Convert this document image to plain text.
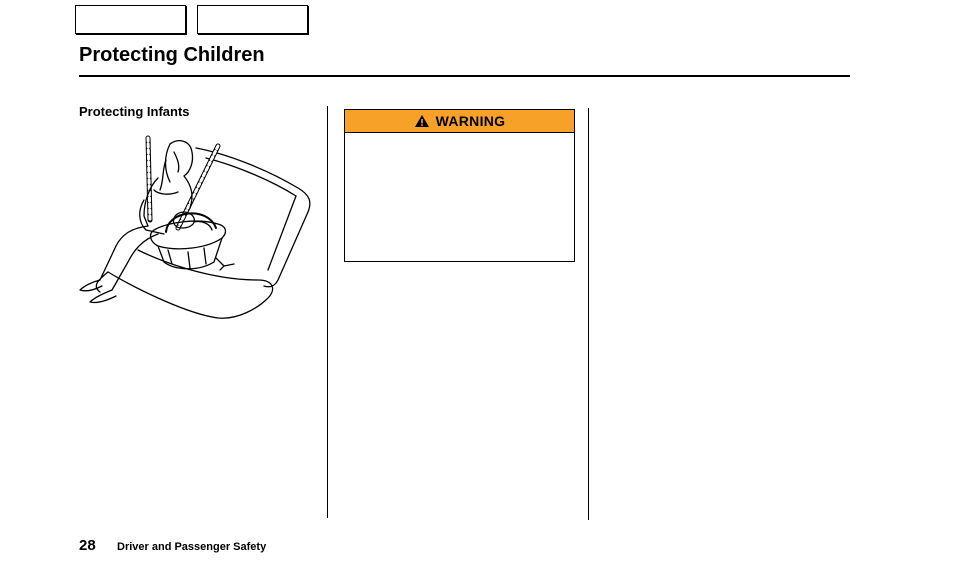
Protecting Children
Protecting Infants
WARNING
28 Driver and Passenger Safety
